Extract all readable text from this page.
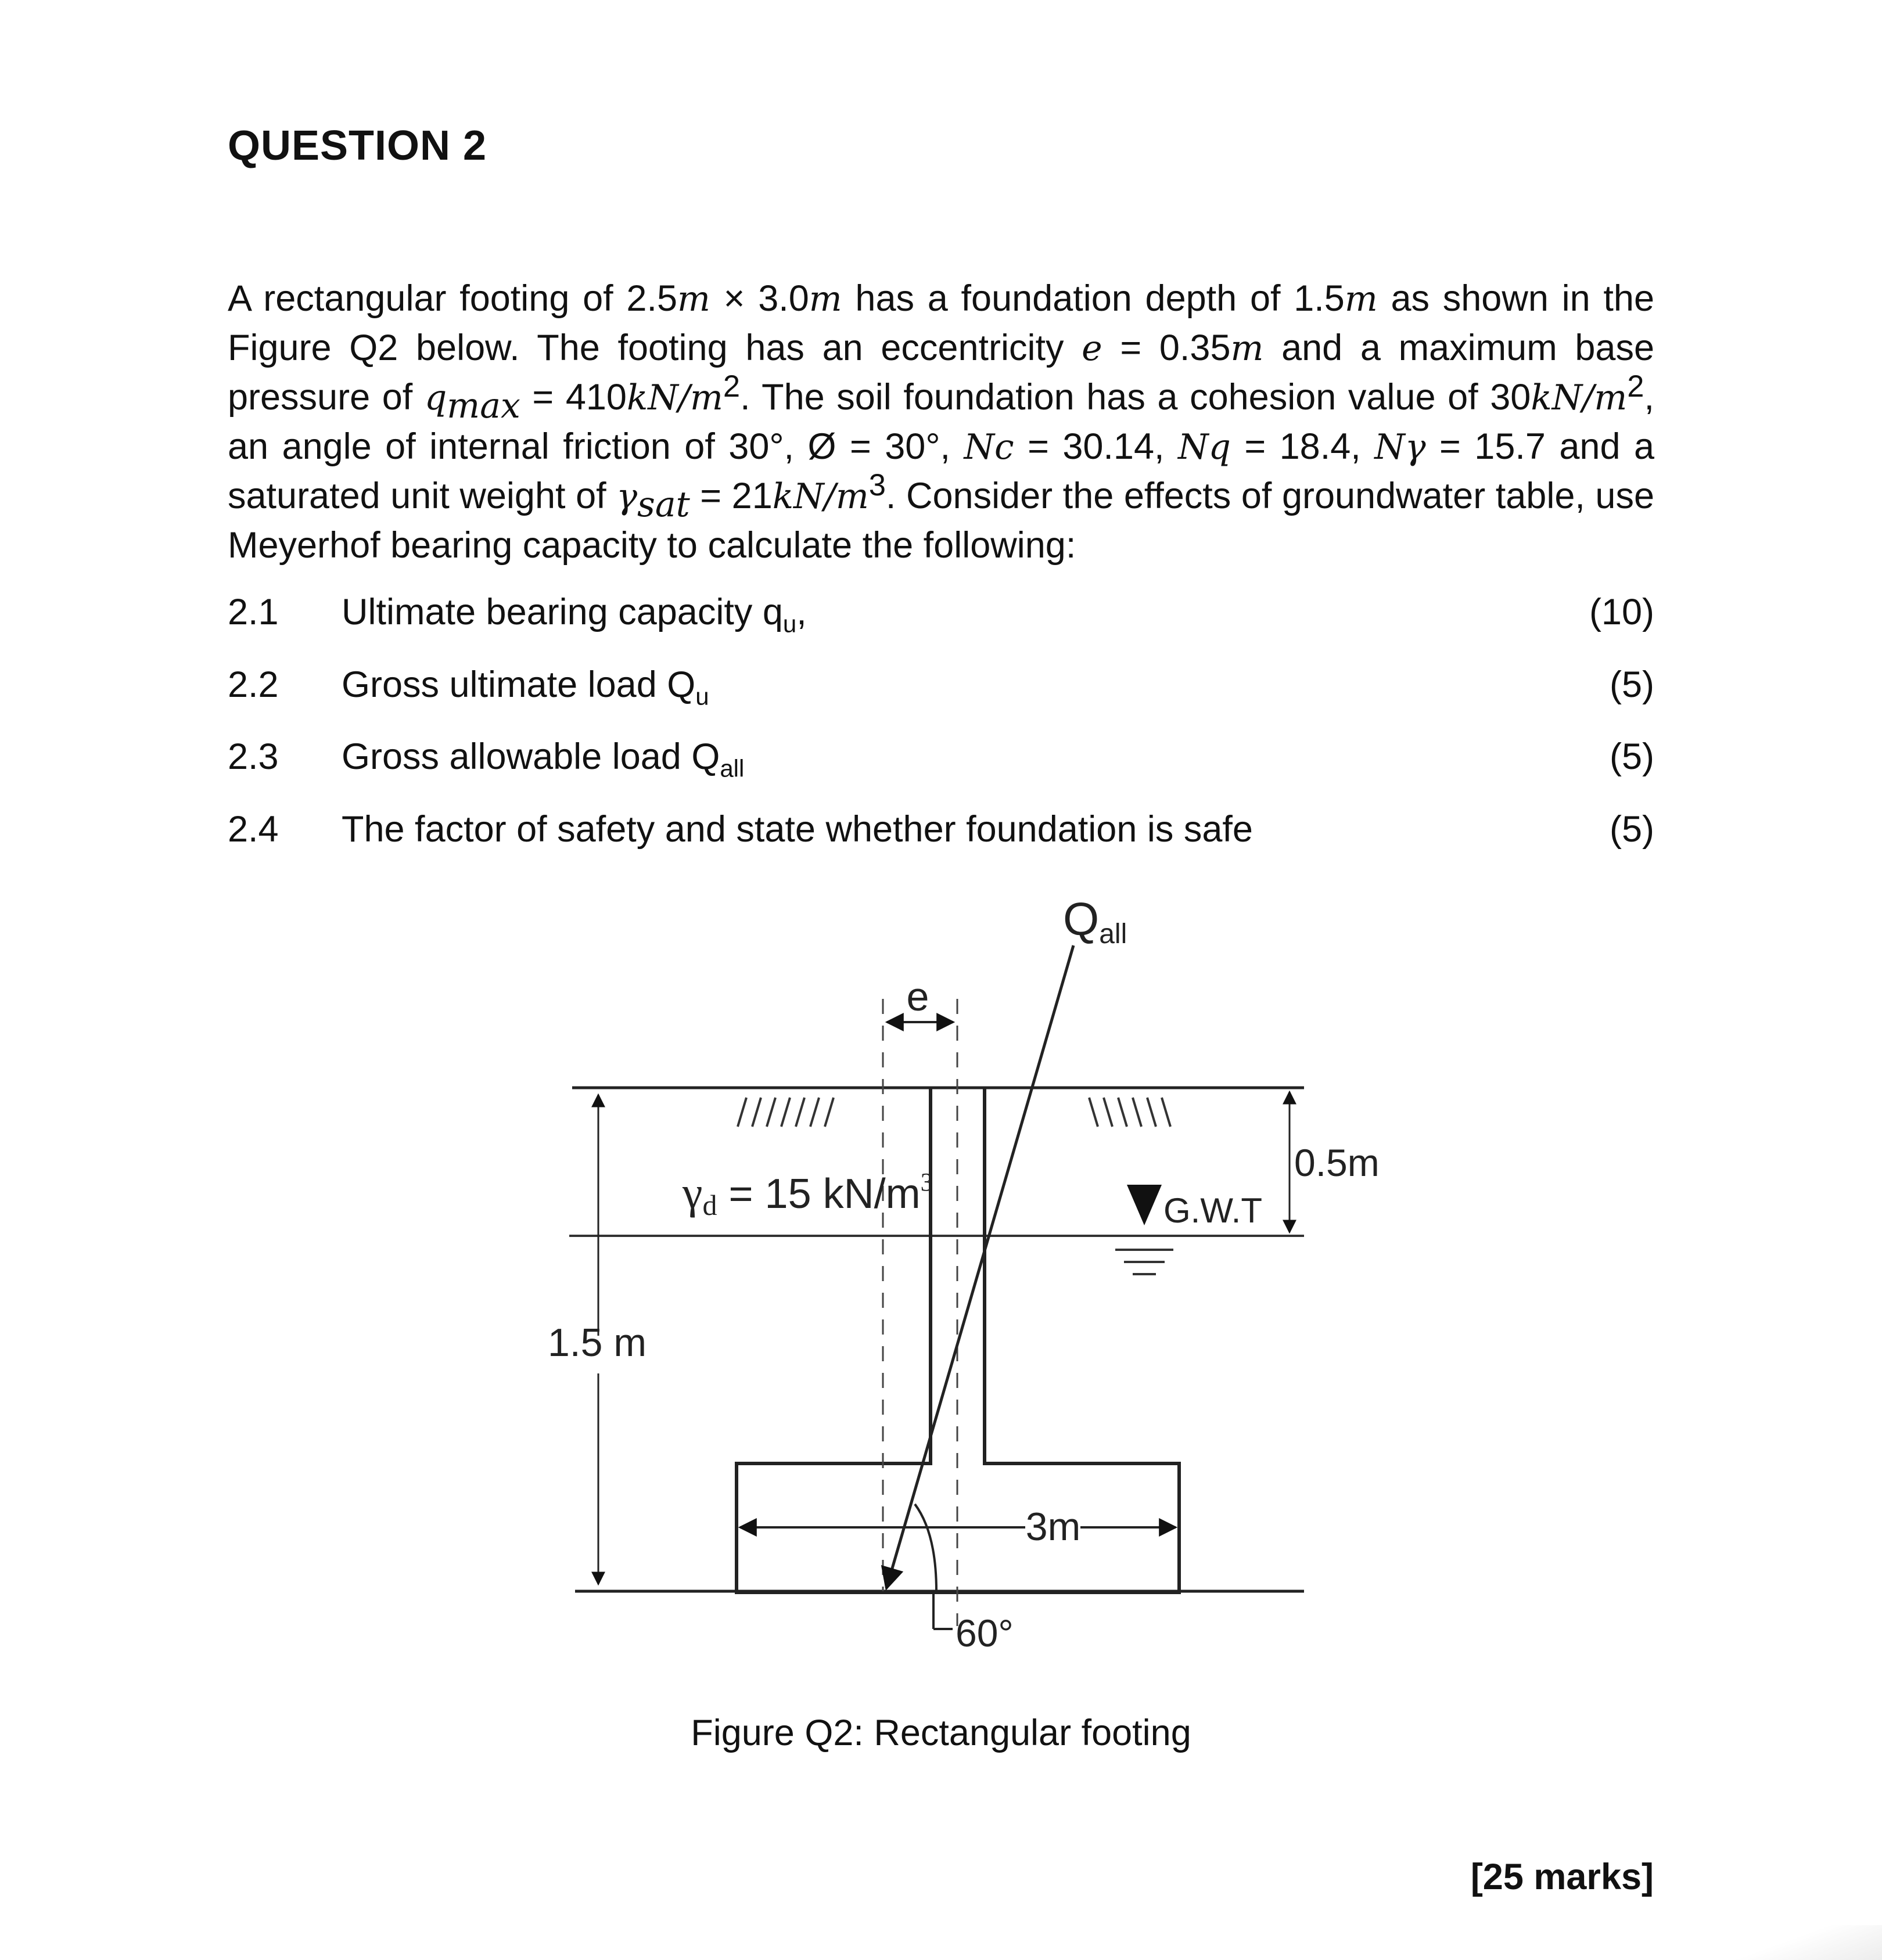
QUESTION 2

A rectangular footing of 2.5m × 3.0m has a foundation depth of 1.5m as shown in the Figure Q2 below. The footing has an eccentricity e = 0.35m and a maximum base pressure of $q_{max} = 410kN/m^2$. The soil foundation has a cohesion value of $30kN/m^2$, an angle of internal friction of 30°, Ø = 30°, Nc = 30.14, Nq = 18.4, Nγ = 15.7 and a saturated unit weight of $\gamma_{sat} = 21kN/m^3$. Consider the effects of groundwater table, use Meyerhof bearing capacity to calculate the following:

2.1 Ultimate bearing capacity $q_u$,	(10)
2.2 Gross ultimate load $Q_u$	(5)
2.3 Gross allowable load $Q_{all}$	(5)
2.4 The factor of safety and state whether foundation is safe	(5)
e
Qall
60°
3m
1.5 m
0.5m
G.W.T
γd = 15 $kN/m^3$
Figure Q2: Rectangular footing
[25 marks]
